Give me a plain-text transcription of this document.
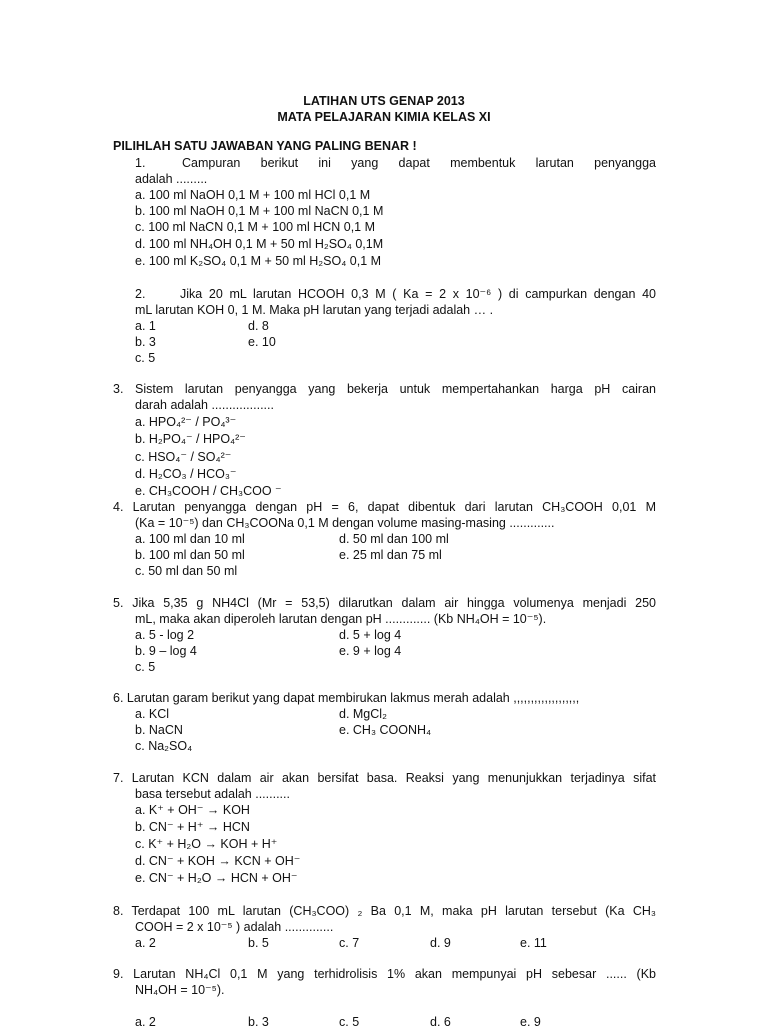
LATIHAN UTS GENAP 2013
MATA PELAJARAN KIMIA KELAS XI
PILIHLAH SATU JAWABAN YANG PALING BENAR !
1.	Campuran berikut ini yang dapat membentuk larutan penyangga
adalah .........
a. 100 ml NaOH 0,1 M + 100 ml HCl 0,1 M
b. 100 ml NaOH 0,1 M + 100 ml NaCN 0,1 M
c. 100 ml NaCN 0,1 M + 100 ml HCN 0,1 M
d. 100 ml NH₄OH 0,1 M + 50 ml H₂SO₄ 0,1M
e. 100 ml K₂SO₄ 0,1 M + 50 ml H₂SO₄ 0,1 M
2.	Jika 20 mL larutan HCOOH 0,3 M ( Ka = 2 x 10⁻⁶ ) di campurkan dengan 40
mL larutan KOH 0, 1 M. Maka pH larutan yang terjadi adalah … .
a. 1	d. 8
b. 3	e. 10
c. 5
3. Sistem larutan penyangga yang bekerja untuk mempertahankan harga pH cairan
darah adalah ..................
a. HPO₄²⁻ / PO₄³⁻
b. H₂PO₄⁻ / HPO₄²⁻
c. HSO₄⁻ / SO₄²⁻
d. H₂CO₃ / HCO₃⁻
e. CH₃COOH / CH₃COO ⁻
4. Larutan penyangga dengan pH = 6, dapat dibentuk dari larutan CH₃COOH 0,01 M
(Ka = 10⁻⁵) dan CH₃COONa 0,1 M dengan volume masing-masing .............
a. 100 ml dan 10 ml	d. 50 ml dan 100 ml
b. 100 ml dan 50 ml	e. 25 ml dan 75 ml
c. 50 ml dan 50 ml
5. Jika 5,35 g NH4Cl (Mr = 53,5) dilarutkan dalam air hingga volumenya menjadi 250
mL, maka akan diperoleh larutan dengan pH ............. (Kb NH₄OH = 10⁻⁵).
a. 5 - log 2	d. 5 + log 4
b. 9 – log 4	e. 9 + log 4
c. 5
6. Larutan garam berikut yang dapat membirukan lakmus merah adalah ,,,,,,,,,,,,,,,,,,,
a. KCl	d. MgCl₂
b. NaCN	e. CH₃ COONH₄
c. Na₂SO₄
7. Larutan KCN dalam air akan bersifat basa. Reaksi yang menunjukkan terjadinya sifat
basa tersebut adalah ..........
a. K⁺ + OH⁻ → KOH
b. CN⁻ + H⁺ → HCN
c. K⁺ + H₂O → KOH + H⁺
d. CN⁻ + KOH → KCN + OH⁻
e. CN⁻ + H₂O → HCN + OH⁻
8. Terdapat 100 mL larutan (CH₃COO) ₂ Ba 0,1 M, maka pH larutan tersebut (Ka CH₃
COOH = 2 x 10⁻⁵ ) adalah ..............
a. 2	b. 5	c. 7	d. 9	e. 11
9. Larutan NH₄Cl 0,1 M yang terhidrolisis 1% akan mempunyai pH sebesar ...... (Kb
NH₄OH = 10⁻⁵).
a. 2	b. 3	c. 5	d. 6	e. 9
